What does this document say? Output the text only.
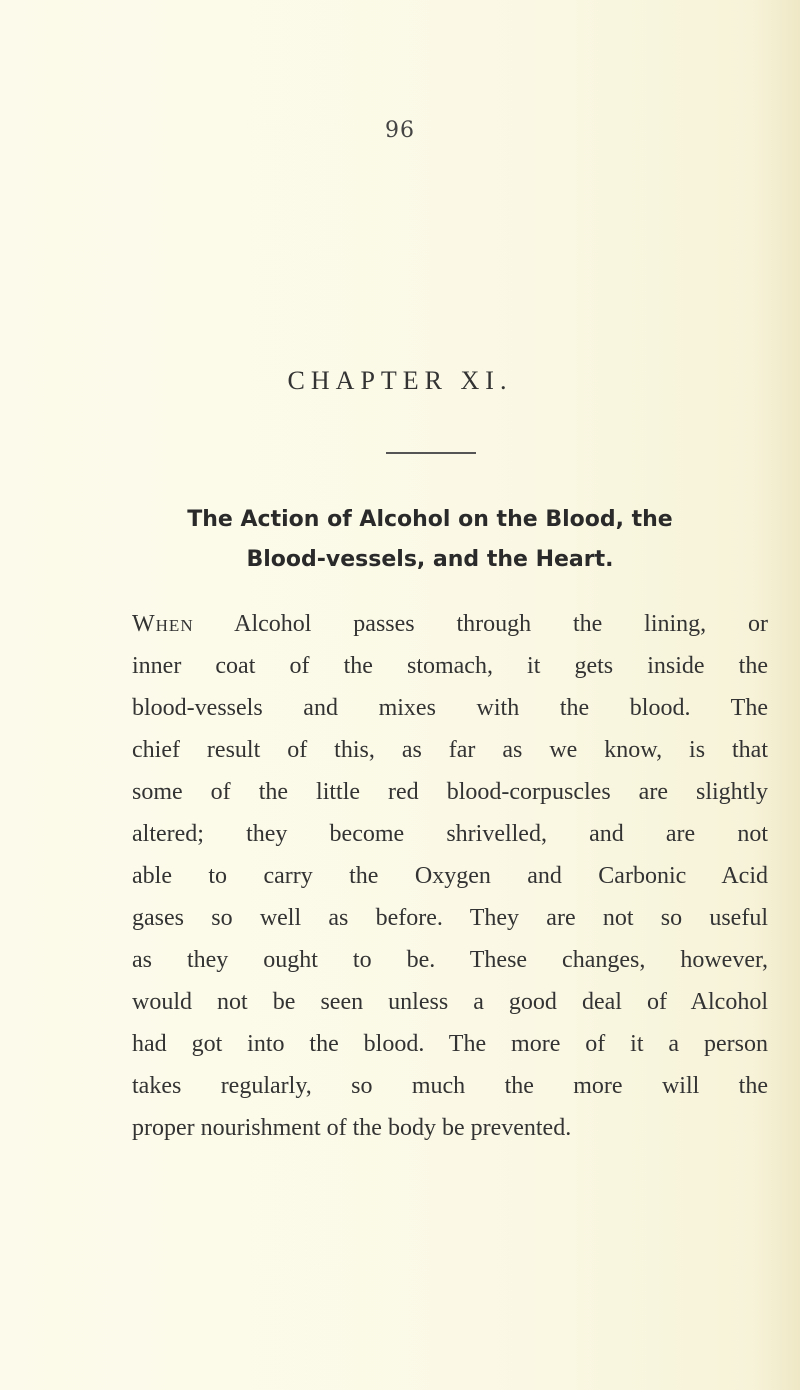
96
CHAPTER XI.
The Action of Alcohol on the Blood, the
Blood-vessels, and the Heart.

When Alcohol passes through the lining, or
inner coat of the stomach, it gets inside the
blood-vessels and mixes with the blood. The
chief result of this, as far as we know, is that
some of the little red blood-corpuscles are slightly
altered; they become shrivelled, and are not
able to carry the Oxygen and Carbonic Acid
gases so well as before. They are not so useful
as they ought to be. These changes, however,
would not be seen unless a good deal of Alcohol
had got into the blood. The more of it a person
takes regularly, so much the more will the
proper nourishment of the body be prevented.
